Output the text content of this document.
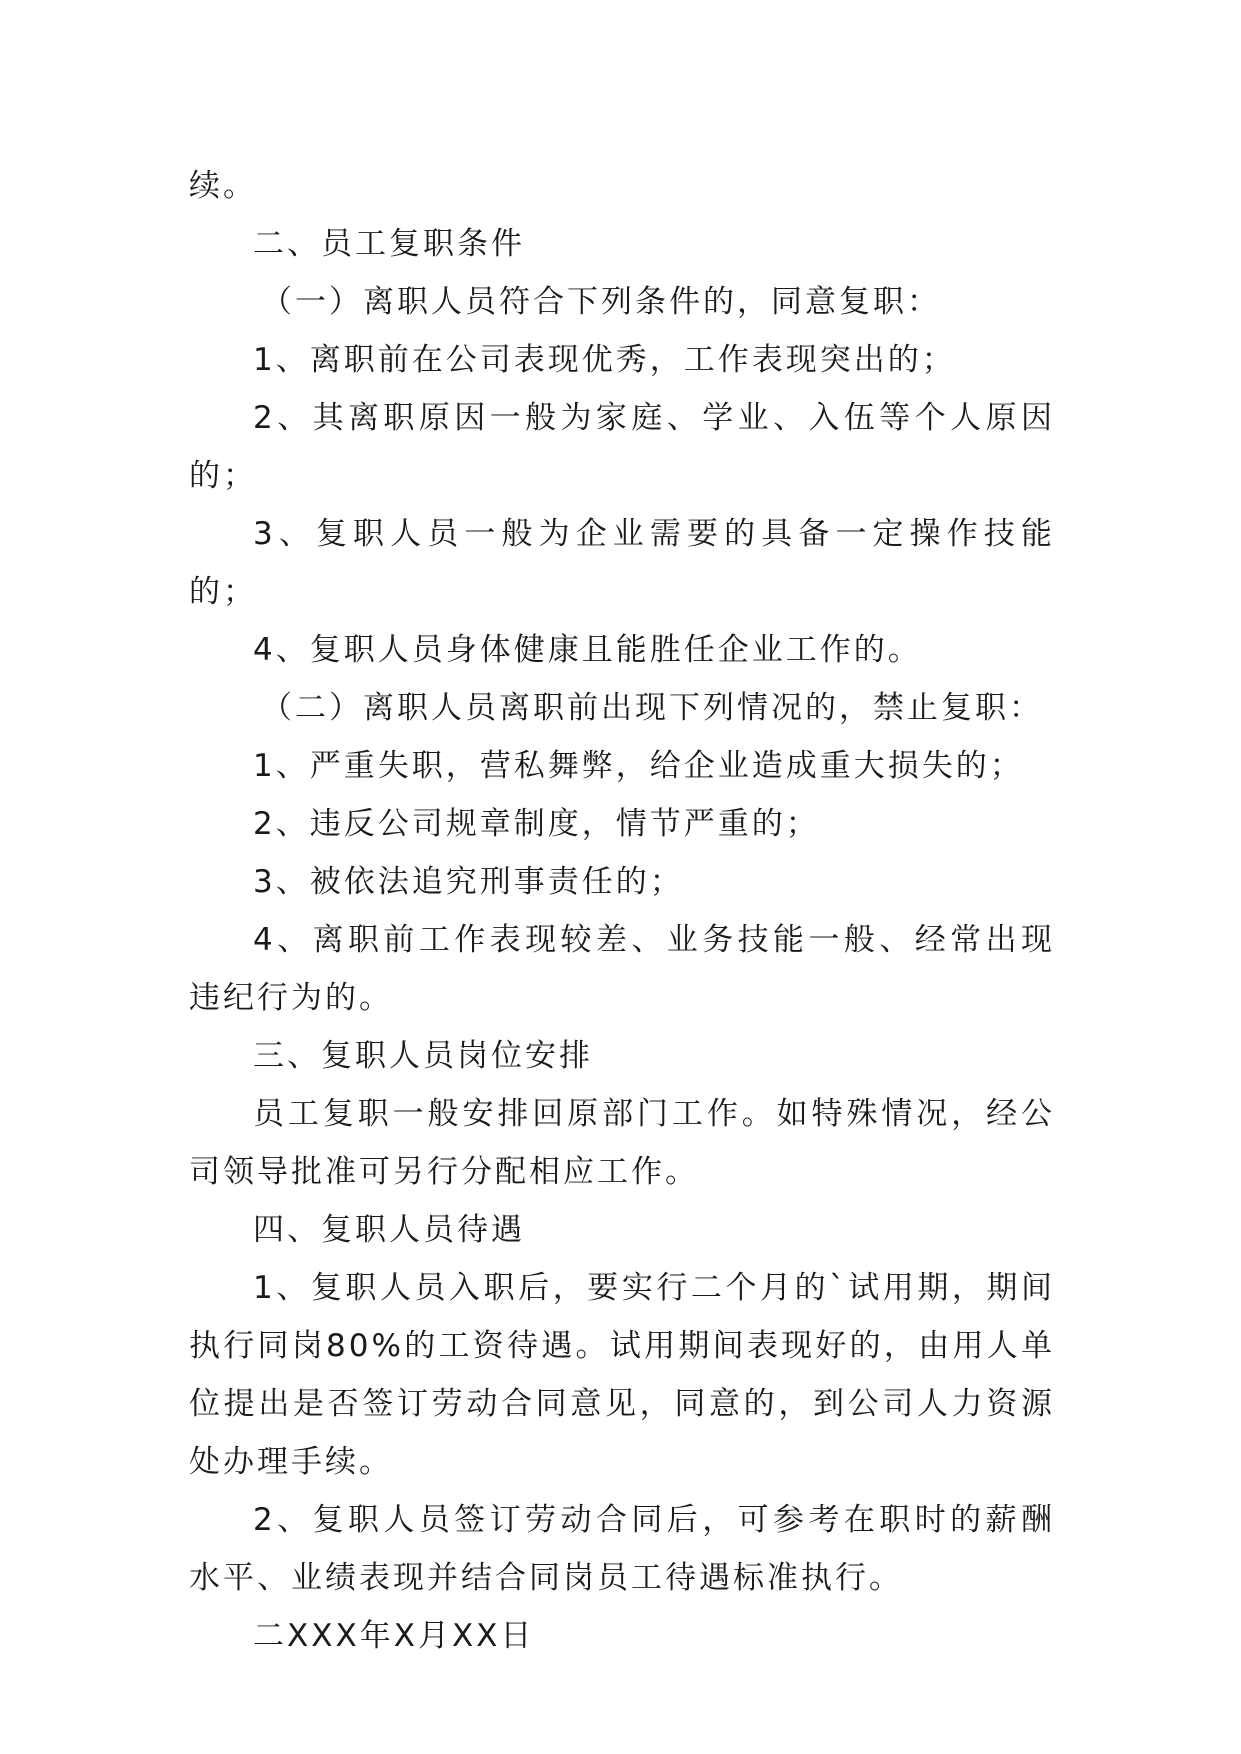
续。

二、员工复职条件

（一）离职人员符合下列条件的，同意复职：

1、离职前在公司表现优秀，工作表现突出的；

2、其离职原因一般为家庭、学业、入伍等个人原因的；

3、复职人员一般为企业需要的具备一定操作技能的；

4、复职人员身体健康且能胜任企业工作的。

（二）离职人员离职前出现下列情况的，禁止复职：

1、严重失职，营私舞弊，给企业造成重大损失的；

2、违反公司规章制度，情节严重的；

3、被依法追究刑事责任的；

4、离职前工作表现较差、业务技能一般、经常出现违纪行为的。

三、复职人员岗位安排

员工复职一般安排回原部门工作。如特殊情况，经公司领导批准可另行分配相应工作。

四、复职人员待遇

1、复职人员入职后，要实行二个月的`试用期，期间执行同岗80%的工资待遇。试用期间表现好的，由用人单位提出是否签订劳动合同意见，同意的，到公司人力资源处办理手续。

2、复职人员签订劳动合同后，可参考在职时的薪酬水平、业绩表现并结合同岗员工待遇标准执行。

二XXX年X月XX日
